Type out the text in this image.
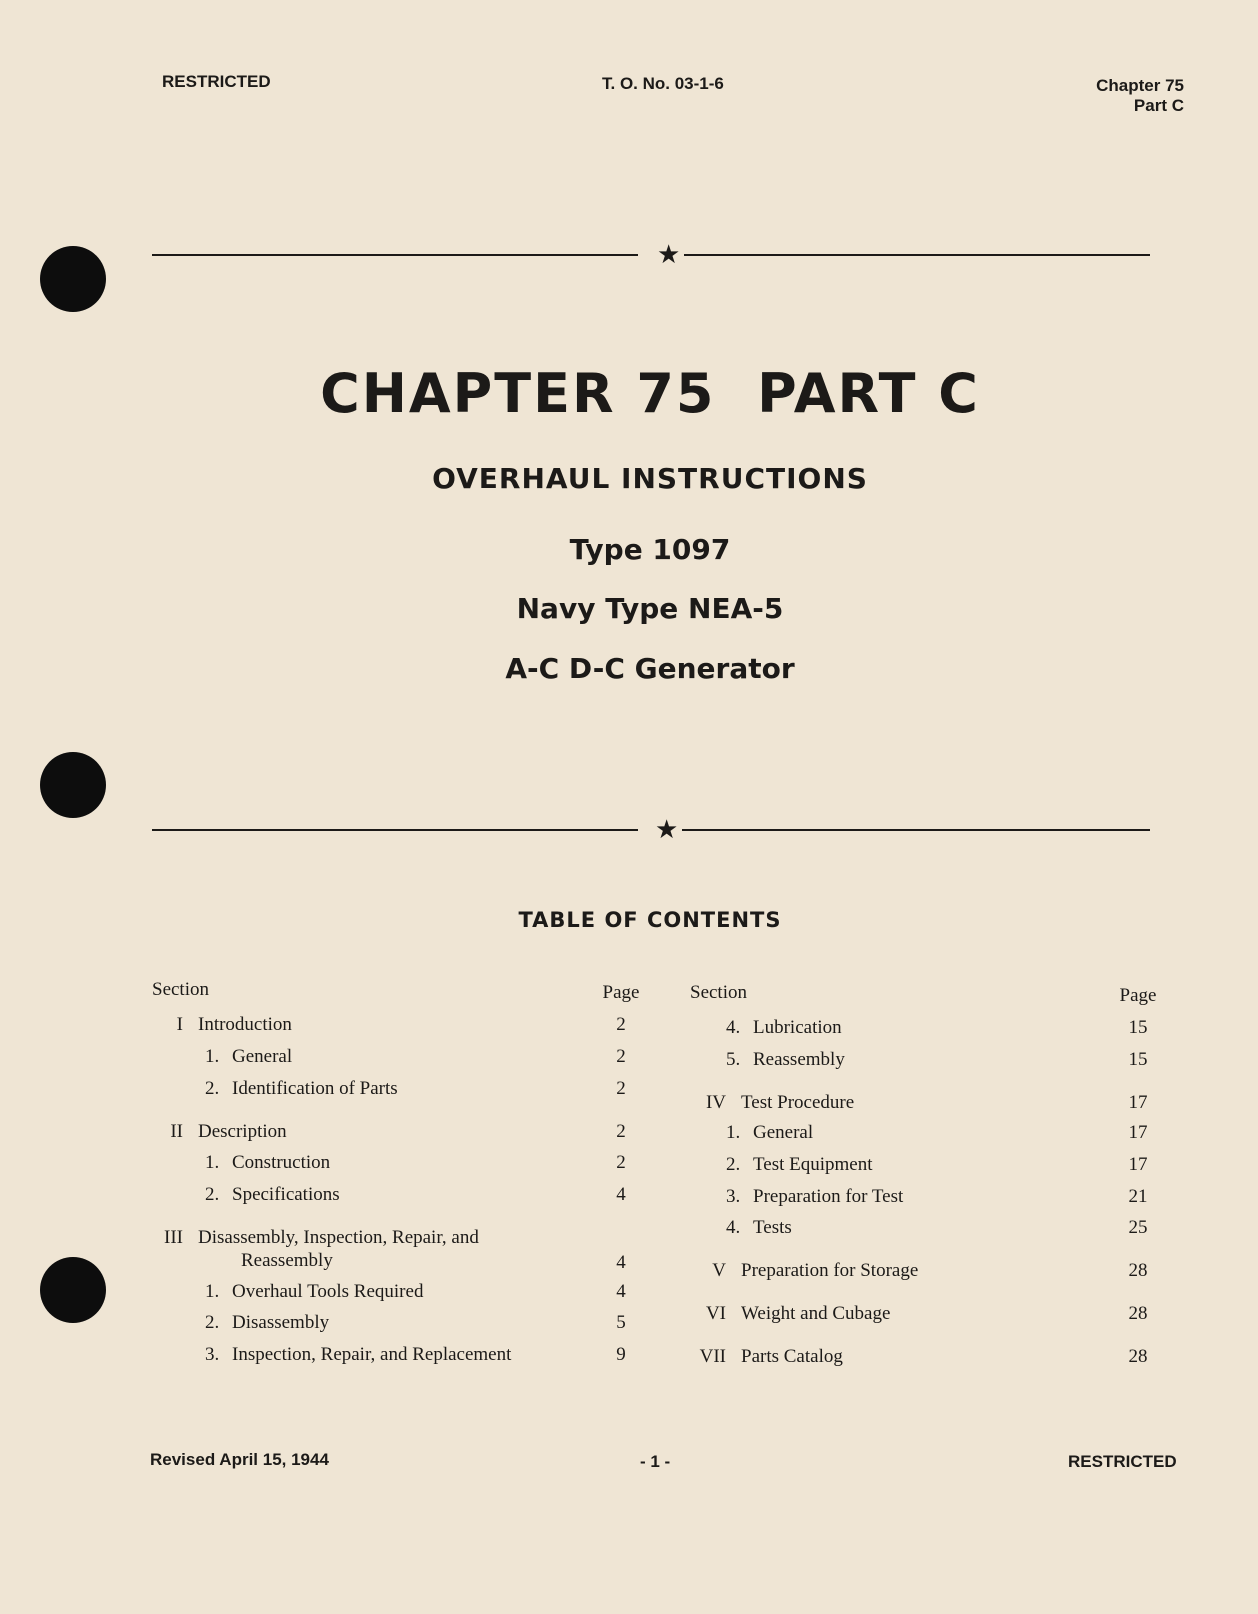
RESTRICTED	T. O. No. 03-1-6	Chapter 75
Part C
★
CHAPTER 75  PART C
OVERHAUL INSTRUCTIONS
Type 1097
Navy Type NEA-5
A-C D-C Generator
★
TABLE OF CONTENTS
Section	Page	Section	Page
I Introduction	2
1. General	2
2. Identification of Parts	2
II Description	2
1. Construction	2
2. Specifications	4
III Disassembly, Inspection, Repair, and
Reassembly	4
1. Overhaul Tools Required	4
2. Disassembly	5
3. Inspection, Repair, and Replacement	9
4. Lubrication	15
5. Reassembly	15
IV Test Procedure	17
1. General	17
2. Test Equipment	17
3. Preparation for Test	21
4. Tests	25
V Preparation for Storage	28
VI Weight and Cubage	28
VII Parts Catalog	28
Revised April 15, 1944	- 1 -	RESTRICTED
